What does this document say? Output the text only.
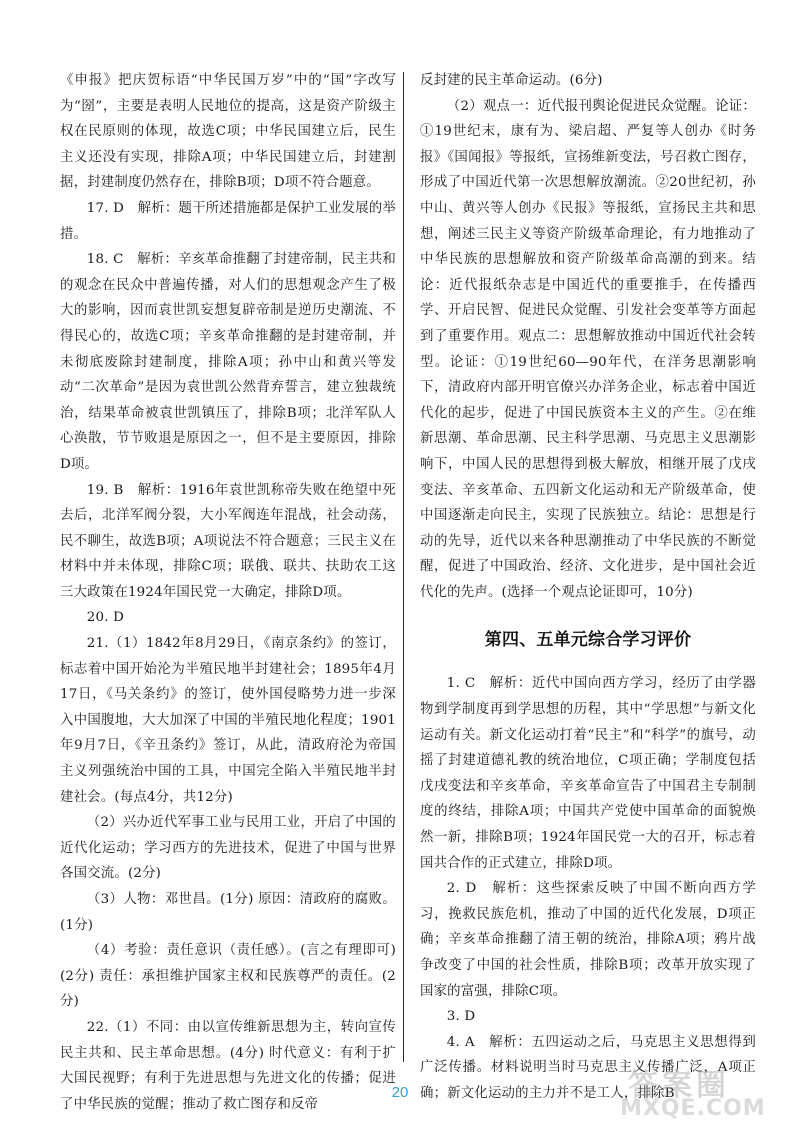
《申报》把庆贺标语“中华民国万岁”中的“国”字改写为“圀”，主要是表明人民地位的提高，这是资产阶级主权在民原则的体现，故选C项；中华民国建立后，民生主义还没有实现，排除A项；中华民国建立后，封建割据，封建制度仍然存在，排除B项；D项不符合题意。

17. D　解析：题干所述措施都是保护工业发展的举措。

18. C　解析：辛亥革命推翻了封建帝制，民主共和的观念在民众中普遍传播，对人们的思想观念产生了极大的影响，因而袁世凯妄想复辟帝制是逆历史潮流、不得民心的，故选C项；辛亥革命推翻的是封建帝制，并未彻底废除封建制度，排除A项；孙中山和黄兴等发动“二次革命”是因为袁世凯公然背弃誓言，建立独裁统治，结果革命被袁世凯镇压了，排除B项；北洋军队人心涣散，节节败退是原因之一，但不是主要原因，排除D项。

19. B　解析：1916年袁世凯称帝失败在绝望中死去后，北洋军阀分裂，大小军阀连年混战，社会动荡，民不聊生，故选B项；A项说法不符合题意；三民主义在材料中并未体现，排除C项；联俄、联共、扶助农工这三大政策在1924年国民党一大确定，排除D项。

20. D

21.（1）1842年8月29日，《南京条约》的签订，标志着中国开始沦为半殖民地半封建社会；1895年4月17日，《马关条约》的签订，使外国侵略势力进一步深入中国腹地，大大加深了中国的半殖民地化程度；1901年9月7日，《辛丑条约》签订，从此，清政府沦为帝国主义列强统治中国的工具，中国完全陷入半殖民地半封建社会。(每点4分，共12分)

（2）兴办近代军事工业与民用工业，开启了中国的近代化运动；学习西方的先进技术，促进了中国与世界各国交流。(2分)

（3）人物：邓世昌。(1分) 原因：清政府的腐败。(1分)

（4）考验：责任意识（责任感）。(言之有理即可)(2分) 责任：承担维护国家主权和民族尊严的责任。(2分)

22.（1）不同：由以宣传维新思想为主，转向宣传民主共和、民主革命思想。(4分) 时代意义：有利于扩大国民视野；有利于先进思想与先进文化的传播；促进了中华民族的觉醒；推动了救亡图存和反帝

反封建的民主革命运动。(6分)

（2）观点一：近代报刊舆论促进民众觉醒。论证：①19世纪末，康有为、梁启超、严复等人创办《时务报》《国闻报》等报纸，宣扬维新变法，号召救亡图存，形成了中国近代第一次思想解放潮流。②20世纪初，孙中山、黄兴等人创办《民报》等报纸，宣扬民主共和思想，阐述三民主义等资产阶级革命理论，有力地推动了中华民族的思想解放和资产阶级革命高潮的到来。结论：近代报纸杂志是中国近代的重要推手，在传播西学、开启民智、促进民众觉醒、引发社会变革等方面起到了重要作用。观点二：思想解放推动中国近代社会转型。论证：①19世纪60—90年代，在洋务思潮影响下，清政府内部开明官僚兴办洋务企业，标志着中国近代化的起步，促进了中国民族资本主义的产生。②在维新思潮、革命思潮、民主科学思潮、马克思主义思潮影响下，中国人民的思想得到极大解放，相继开展了戊戌变法、辛亥革命、五四新文化运动和无产阶级革命，使中国逐渐走向民主，实现了民族独立。结论：思想是行动的先导，近代以来各种思潮推动了中华民族的不断觉醒，促进了中国政治、经济、文化进步，是中国社会近代化的先声。(选择一个观点论证即可，10分)

第四、五单元综合学习评价

1. C　解析：近代中国向西方学习，经历了由学器物到学制度再到学思想的历程，其中“学思想”与新文化运动有关。新文化运动打着“民主”和“科学”的旗号，动摇了封建道德礼教的统治地位，C项正确；学制度包括戊戌变法和辛亥革命，辛亥革命宣告了中国君主专制制度的终结，排除A项；中国共产党使中国革命的面貌焕然一新，排除B项；1924年国民党一大的召开，标志着国共合作的正式建立，排除D项。

2. D　解析：这些探索反映了中国不断向西方学习，挽救民族危机，推动了中国的近代化发展，D项正确；辛亥革命推翻了清王朝的统治，排除A项；鸦片战争改变了中国的社会性质，排除B项；改革开放实现了国家的富强，排除C项。

3. D

4. A　解析：五四运动之后，马克思主义思想得到广泛传播。材料说明当时马克思主义传播广泛，A项正确；新文化运动的主力并不是工人，排除B

20	答案圈
MXQE.COM
